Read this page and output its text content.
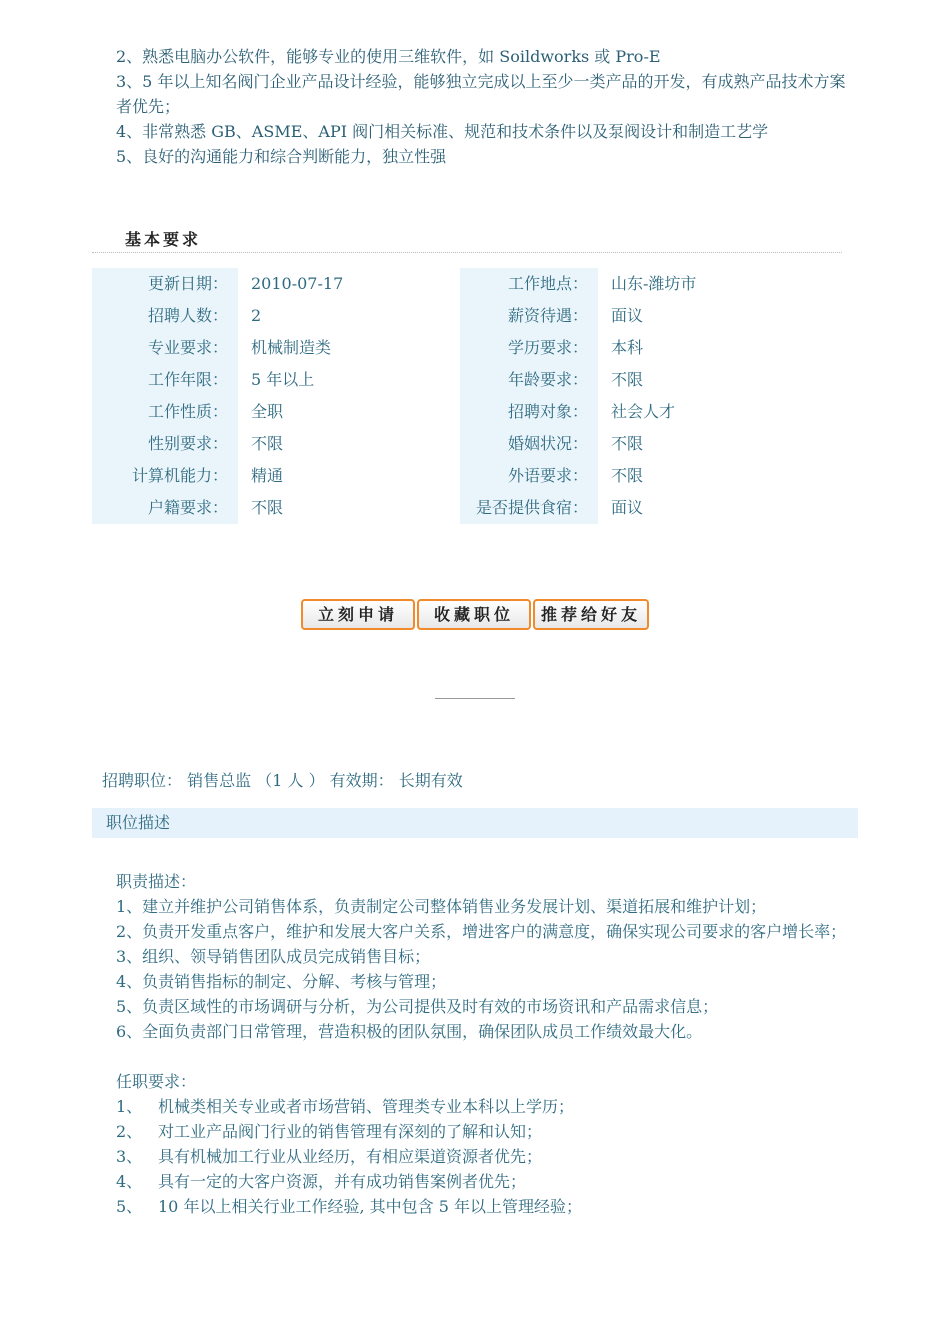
2、熟悉电脑办公软件，能够专业的使用三维软件，如 Soildworks 或 Pro-E
3、5 年以上知名阀门企业产品设计经验，能够独立完成以上至少一类产品的开发，有成熟产品技术方案者优先；
4、非常熟悉 GB、ASME、API 阀门相关标准、规范和技术条件以及泵阀设计和制造工艺学
5、良好的沟通能力和综合判断能力，独立性强
基本要求
更新日期：	2010-07-17	工作地点：	山东-潍坊市
招聘人数：	2	薪资待遇：	面议
专业要求：	机械制造类	学历要求：	本科
工作年限：	5 年以上	年龄要求：	不限
工作性质：	全职	招聘对象：	社会人才
性别要求：	不限	婚姻状况：	不限
计算机能力：	精通	外语要求：	不限
户籍要求：	不限	是否提供食宿：	面议
立刻申请	收藏职位	推荐给好友
招聘职位： 销售总监 （1 人 ） 有效期： 长期有效
职位描述
职责描述：
1、建立并维护公司销售体系，负责制定公司整体销售业务发展计划、渠道拓展和维护计划；
2、负责开发重点客户，维护和发展大客户关系，增进客户的满意度，确保实现公司要求的客户增长率；
3、组织、领导销售团队成员完成销售目标；
4、负责销售指标的制定、分解、考核与管理；
5、负责区域性的市场调研与分析，为公司提供及时有效的市场资讯和产品需求信息；
6、全面负责部门日常管理，营造积极的团队氛围，确保团队成员工作绩效最大化。
任职要求：
1、 机械类相关专业或者市场营销、管理类专业本科以上学历；
2、 对工业产品阀门行业的销售管理有深刻的了解和认知；
3、 具有机械加工行业从业经历，有相应渠道资源者优先；
4、 具有一定的大客户资源，并有成功销售案例者优先；
5、 10 年以上相关行业工作经验, 其中包含 5 年以上管理经验；
